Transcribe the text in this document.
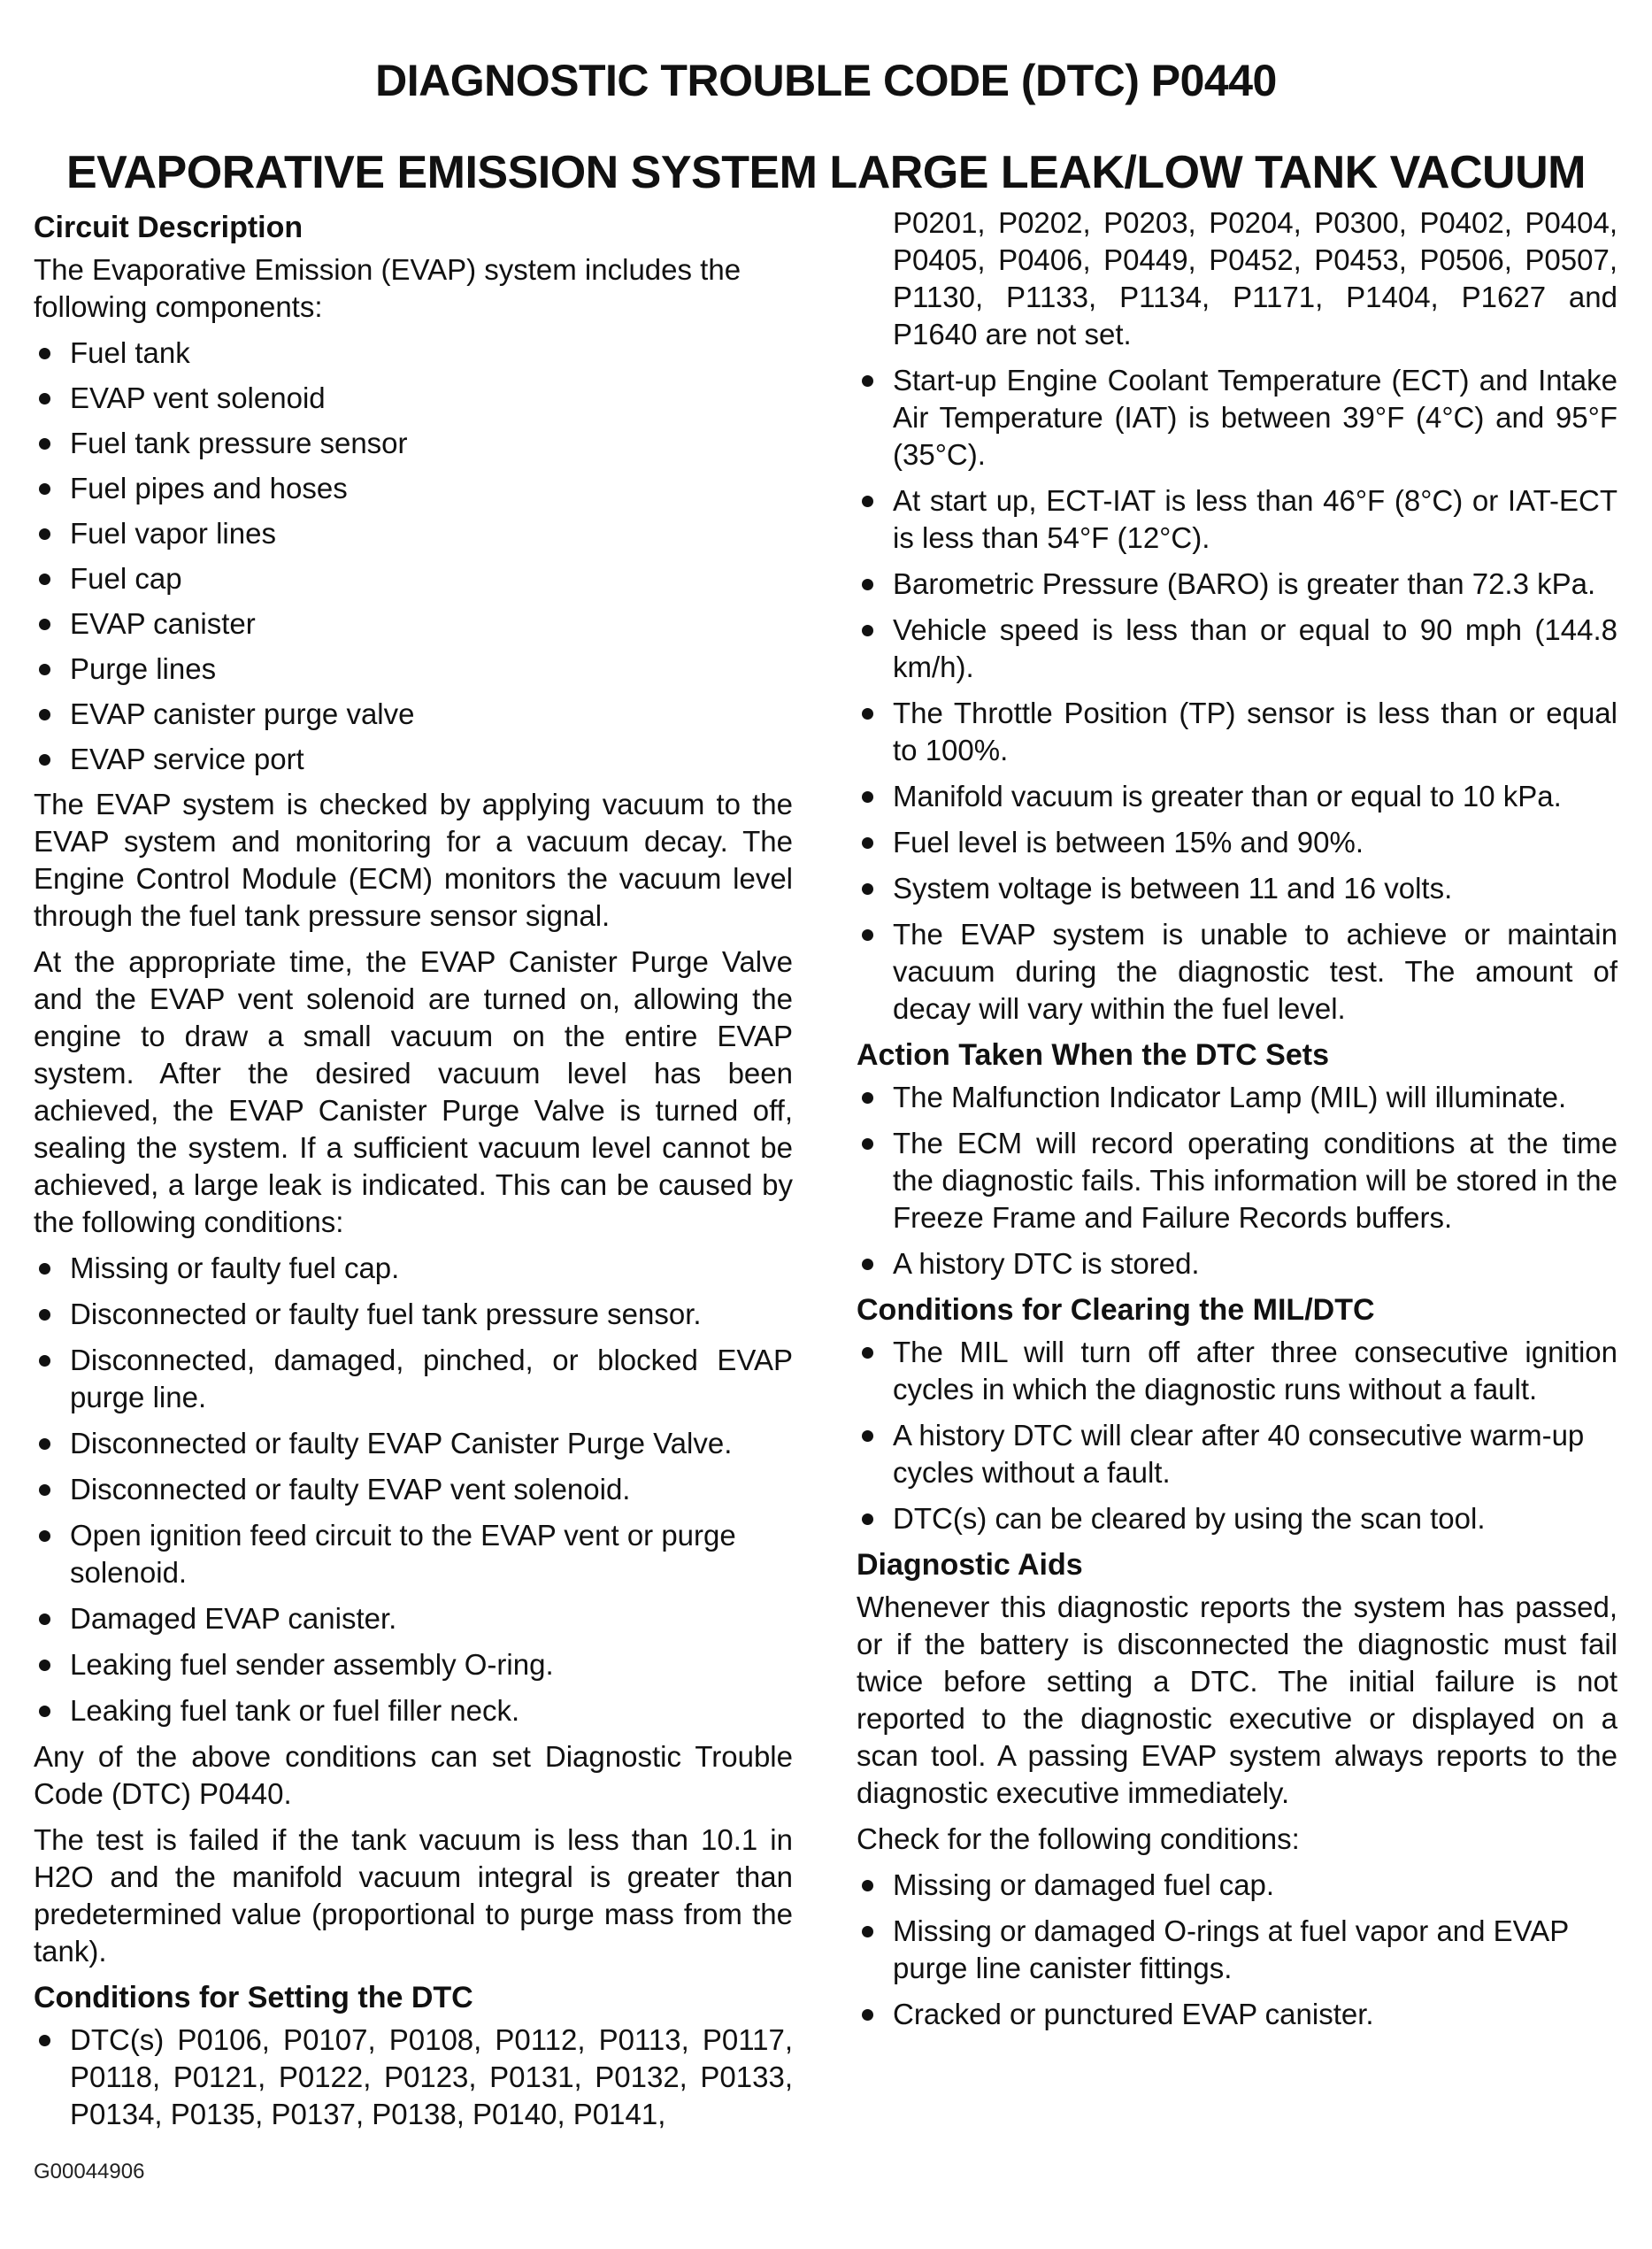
DIAGNOSTIC TROUBLE CODE (DTC) P0440
EVAPORATIVE EMISSION SYSTEM LARGE LEAK/LOW TANK VACUUM
Circuit Description

The Evaporative Emission (EVAP) system includes the following components:

Fuel tank
EVAP vent solenoid
Fuel tank pressure sensor
Fuel pipes and hoses
Fuel vapor lines
Fuel cap
EVAP canister
Purge lines
EVAP canister purge valve
EVAP service port

The EVAP system is checked by applying vacuum to the EVAP system and monitoring for a vacuum decay. The Engine Control Module (ECM) monitors the vacuum level through the fuel tank pressure sensor signal.

At the appropriate time, the EVAP Canister Purge Valve and the EVAP vent solenoid are turned on, allowing the engine to draw a small vacuum on the entire EVAP system. After the desired vacuum level has been achieved, the EVAP Canister Purge Valve is turned off, sealing the system. If a sufficient vacuum level cannot be achieved, a large leak is indicated. This can be caused by the following conditions:

Missing or faulty fuel cap.
Disconnected or faulty fuel tank pressure sensor.
Disconnected, damaged, pinched, or blocked EVAP purge line.
Disconnected or faulty EVAP Canister Purge Valve.
Disconnected or faulty EVAP vent solenoid.
Open ignition feed circuit to the EVAP vent or purge solenoid.
Damaged EVAP canister.
Leaking fuel sender assembly O-ring.
Leaking fuel tank or fuel filler neck.

Any of the above conditions can set Diagnostic Trouble Code (DTC) P0440.

The test is failed if the tank vacuum is less than 10.1 in H2O and the manifold vacuum integral is greater than predetermined value (proportional to purge mass from the tank).

Conditions for Setting the DTC
DTC(s) P0106, P0107, P0108, P0112, P0113, P0117, P0118, P0121, P0122, P0123, P0131, P0132, P0133, P0134, P0135, P0137, P0138, P0140, P0141,

P0201, P0202, P0203, P0204, P0300, P0402, P0404, P0405, P0406, P0449, P0452, P0453, P0506, P0507, P1130, P1133, P1134, P1171, P1404, P1627 and P1640 are not set.

Start-up Engine Coolant Temperature (ECT) and Intake Air Temperature (IAT) is between 39°F (4°C) and 95°F (35°C).
At start up, ECT-IAT is less than 46°F (8°C) or IAT-ECT is less than 54°F (12°C).
Barometric Pressure (BARO) is greater than 72.3 kPa.
Vehicle speed is less than or equal to 90 mph (144.8 km/h).
The Throttle Position (TP) sensor is less than or equal to 100%.
Manifold vacuum is greater than or equal to 10 kPa.
Fuel level is between 15% and 90%.
System voltage is between 11 and 16 volts.
The EVAP system is unable to achieve or maintain vacuum during the diagnostic test. The amount of decay will vary within the fuel level.
Action Taken When the DTC Sets
The Malfunction Indicator Lamp (MIL) will illuminate.
The ECM will record operating conditions at the time the diagnostic fails. This information will be stored in the Freeze Frame and Failure Records buffers.
A history DTC is stored.
Conditions for Clearing the MIL/DTC
The MIL will turn off after three consecutive ignition cycles in which the diagnostic runs without a fault.
A history DTC will clear after 40 consecutive warm-up cycles without a fault.
DTC(s) can be cleared by using the scan tool.
Diagnostic Aids

Whenever this diagnostic reports the system has passed, or if the battery is disconnected the diagnostic must fail twice before setting a DTC. The initial failure is not reported to the diagnostic executive or displayed on a scan tool. A passing EVAP system always reports to the diagnostic executive immediately.

Check for the following conditions:

Missing or damaged fuel cap.
Missing or damaged O-rings at fuel vapor and EVAP purge line canister fittings.
Cracked or punctured EVAP canister.
G00044906
